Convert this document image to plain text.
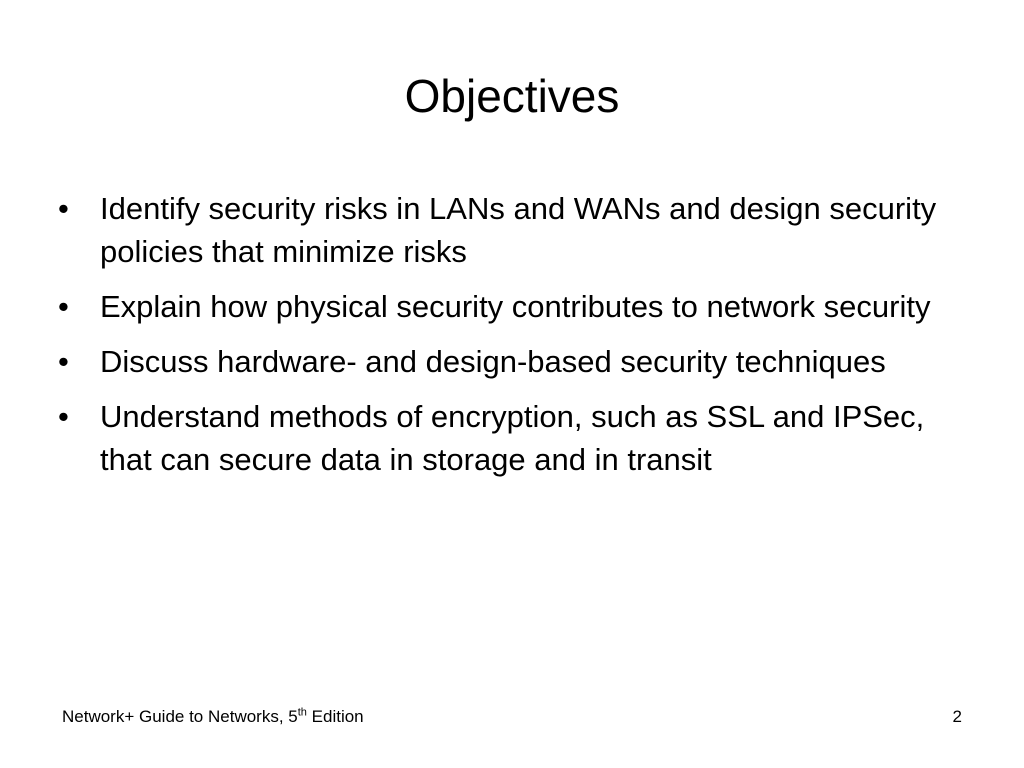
Objectives
•	Identify security risks in LANs and WANs and design security policies that minimize risks
•	Explain how physical security contributes to network security
•	Discuss hardware- and design-based security techniques
•	Understand methods of encryption, such as SSL and IPSec, that can secure data in storage and in transit
Network+ Guide to Networks, 5th Edition	2
